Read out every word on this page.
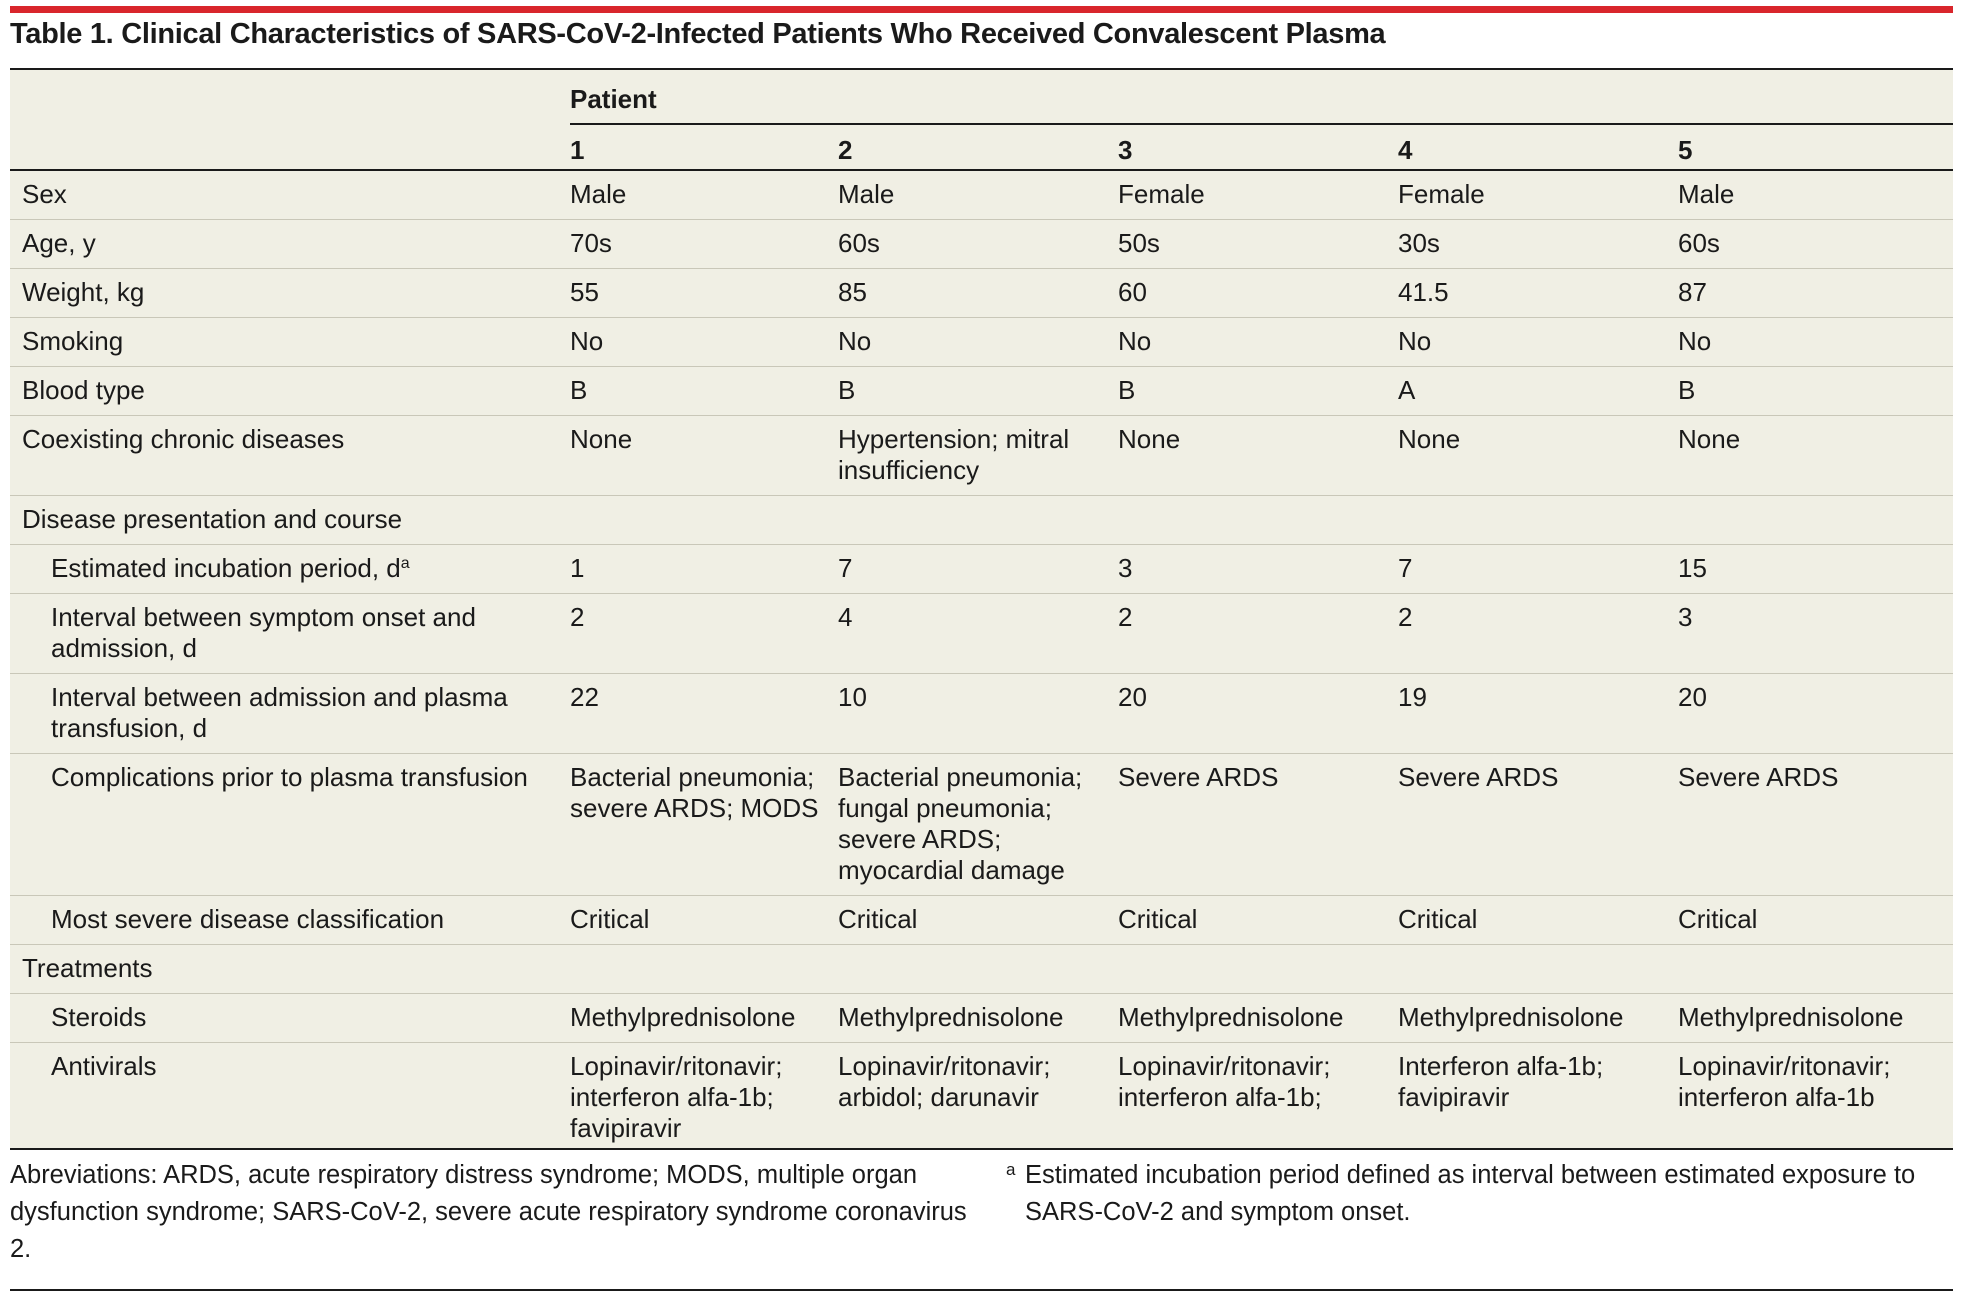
Table 1. Clinical Characteristics of SARS-CoV-2-Infected Patients Who Received Convalescent Plasma
	Patient				
	1	2	3	4	5
Sex	Male	Male	Female	Female	Male
Age, y	70s	60s	50s	30s	60s
Weight, kg	55	85	60	41.5	87
Smoking	No	No	No	No	No
Blood type	B	B	B	A	B
Coexisting chronic diseases	None	Hypertension; mitral insufficiency	None	None	None
Disease presentation and course					
Estimated incubation period, d$^a$	1	7	3	7	15
Interval between symptom onset and admission, d	2	4	2	2	3
Interval between admission and plasma transfusion, d	22	10	20	19	20
Complications prior to plasma transfusion	Bacterial pneumonia; severe ARDS; MODS	Bacterial pneumonia; fungal pneumonia; severe ARDS; myocardial damage	Severe ARDS	Severe ARDS	Severe ARDS
Most severe disease classification	Critical	Critical	Critical	Critical	Critical
Treatments					
Steroids	Methylprednisolone	Methylprednisolone	Methylprednisolone	Methylprednisolone	Methylprednisolone
Antivirals	Lopinavir/ritonavir; interferon alfa-1b; favipiravir	Lopinavir/ritonavir; arbidol; darunavir	Lopinavir/ritonavir; interferon alfa-1b;	Interferon alfa-1b; favipiravir	Lopinavir/ritonavir; interferon alfa-1b
Abreviations: ARDS, acute respiratory distress syndrome; MODS, multiple organ dysfunction syndrome; SARS-CoV-2, severe acute respiratory syndrome coronavirus 2.
a Estimated incubation period defined as interval between estimated exposure to SARS-CoV-2 and symptom onset.
